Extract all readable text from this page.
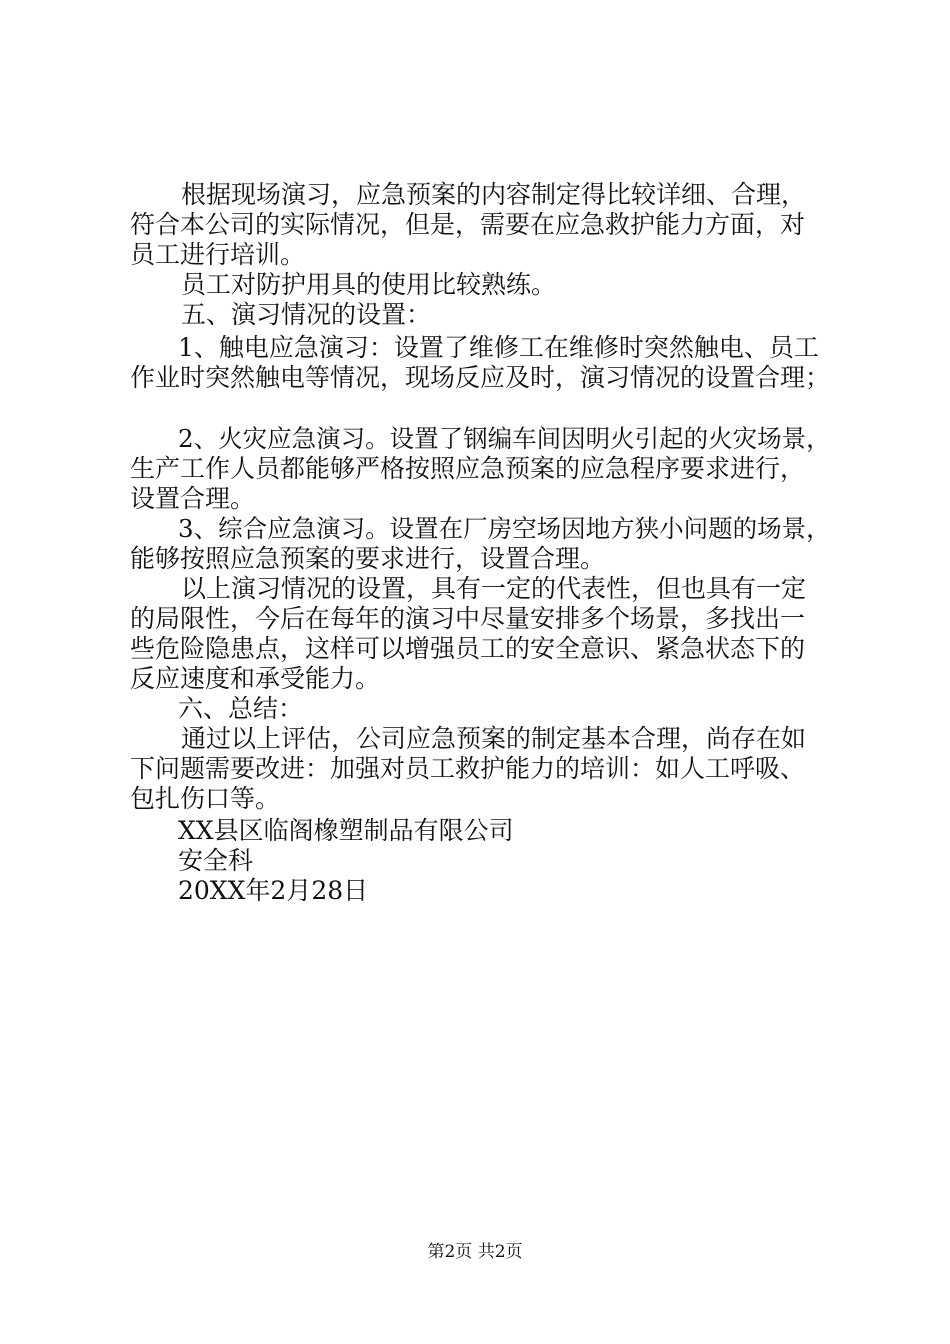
根据现场演习，应急预案的内容制定得比较详细、合理，
符合本公司的实际情况，但是，需要在应急救护能力方面，对
员工进行培训。
员工对防护用具的使用比较熟练。
五、演习情况的设置：
1、触电应急演习：设置了维修工在维修时突然触电、员工
作业时突然触电等情况，现场反应及时，演习情况的设置合理；
2、火灾应急演习。设置了钢编车间因明火引起的火灾场景，
生产工作人员都能够严格按照应急预案的应急程序要求进行，
设置合理。
3、综合应急演习。设置在厂房空场因地方狭小问题的场景，
能够按照应急预案的要求进行，设置合理。
以上演习情况的设置，具有一定的代表性，但也具有一定
的局限性，今后在每年的演习中尽量安排多个场景，多找出一
些危险隐患点，这样可以增强员工的安全意识、紧急状态下的
反应速度和承受能力。
六、总结：
通过以上评估，公司应急预案的制定基本合理，尚存在如
下问题需要改进：加强对员工救护能力的培训：如人工呼吸、
包扎伤口等。
XX县区临阁橡塑制品有限公司
安全科
20XX年2月28日
第2页 共2页
